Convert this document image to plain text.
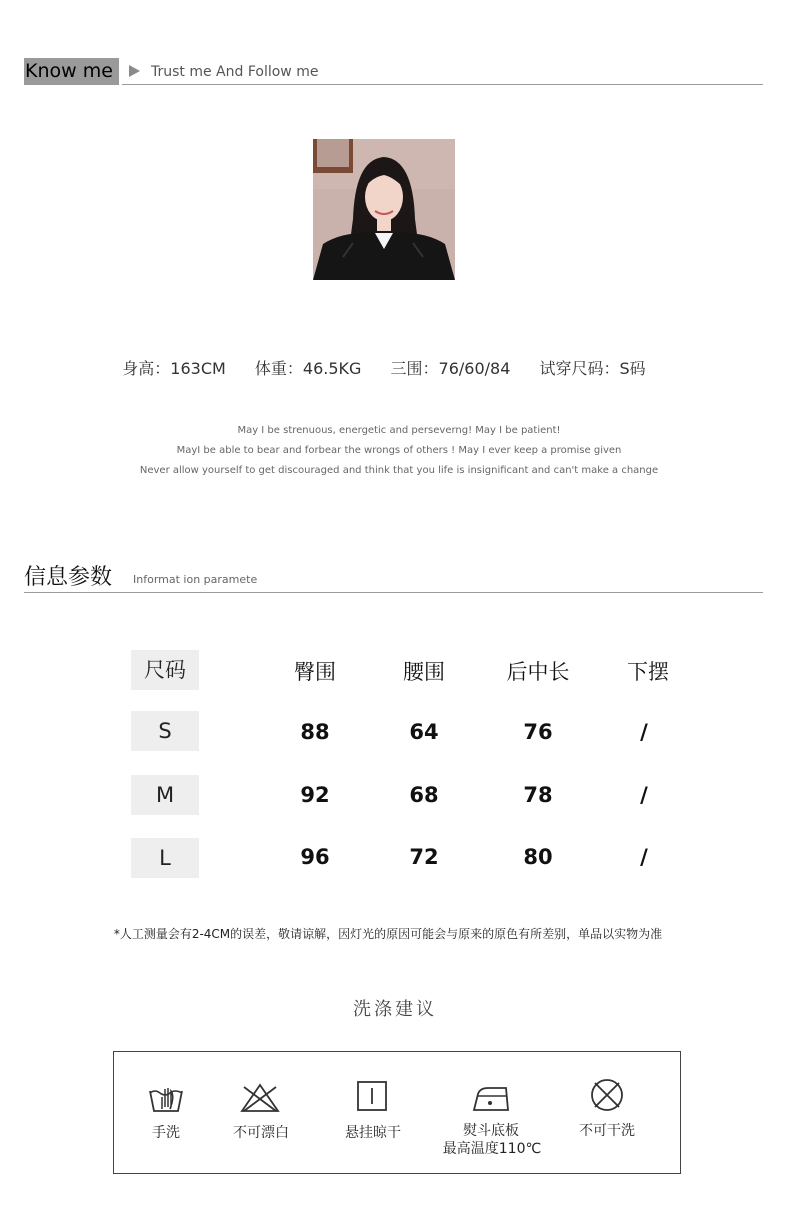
Know me	Trust me And Follow me
身高：163CM 体重：46.5KG 三围：76/60/84 试穿尺码：S码
May I be strenuous, energetic and perseverng! May I be patient!
MayI be able to bear and forbear the wrongs of others ! May I ever keep a promise given
Never allow yourself to get discouraged and think that you life is insignificant and can't make a change
信息参数 Informat ion paramete
尺码	臀围	腰围	后中长	下摆
S	88	64	76	/
M	92	68	78	/
L	96	72	80	/
*人工测量会有2-4CM的误差，敬请谅解，因灯光的原因可能会与原来的原色有所差别，单品以实物为准
洗涤建议
手洗	不可漂白	悬挂晾干	熨斗底板
最高温度110℃
不可干洗
